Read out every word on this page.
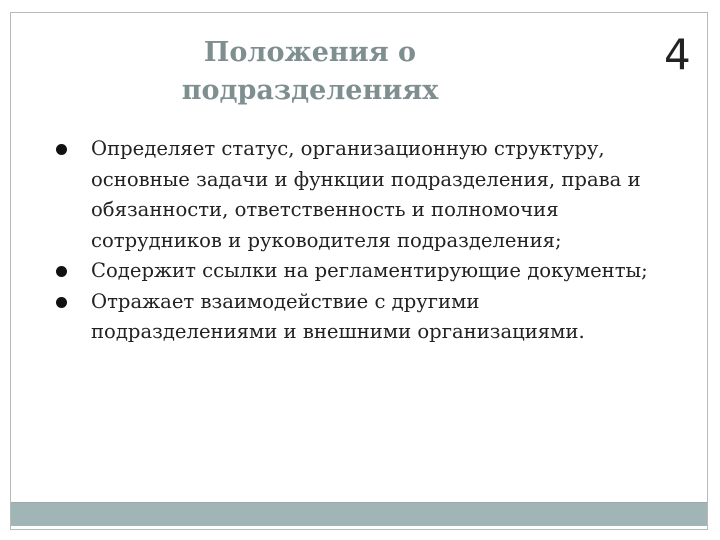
Положения о подразделениях
4
Определяет статус, организационную структуру, основные задачи и функции подразделения, права и обязанности, ответственность и полномочия сотрудников и руководителя подразделения;
Содержит ссылки на регламентирующие документы;
Отражает взаимодействие с другими подразделениями и внешними организациями.
